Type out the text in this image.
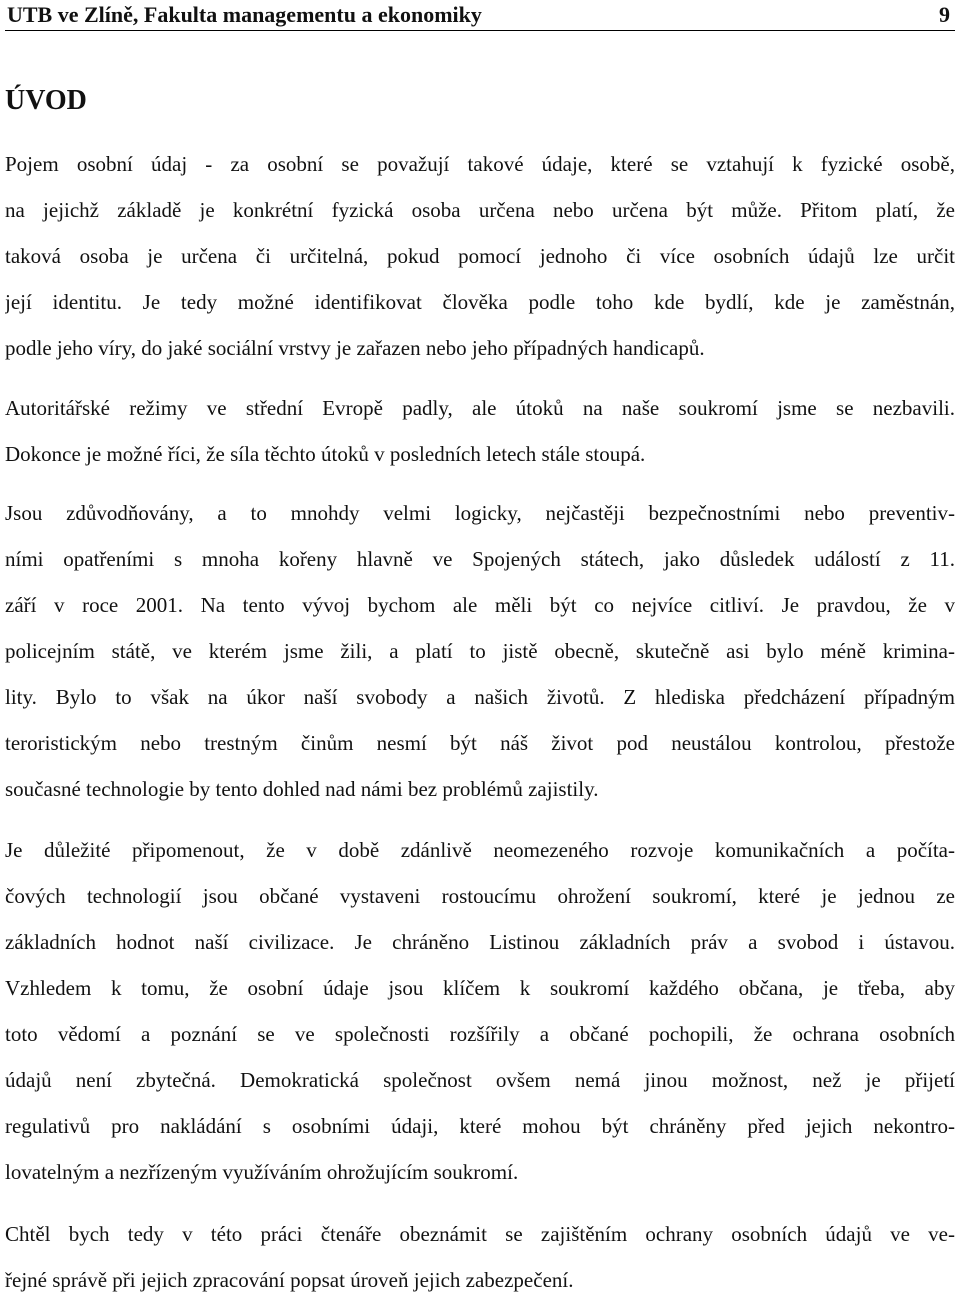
UTB ve Zlíně, Fakulta managementu a ekonomiky	9
ÚVOD
Pojem osobní údaj - za osobní se považují takové údaje, které se vztahují k fyzické osobě,
na jejichž základě je konkrétní fyzická osoba určena nebo určena být může. Přitom platí, že
taková osoba je určena či určitelná, pokud pomocí jednoho či více osobních údajů lze určit
její identitu. Je tedy možné identifikovat člověka podle toho kde bydlí, kde je zaměstnán,
podle jeho víry, do jaké sociální vrstvy je zařazen nebo jeho případných handicapů.
Autoritářské režimy ve střední Evropě padly, ale útoků na naše soukromí jsme se nezbavili.
Dokonce je možné říci, že síla těchto útoků v posledních letech stále stoupá.
Jsou zdůvodňovány, a to mnohdy velmi logicky, nejčastěji bezpečnostními nebo preventiv-
ními opatřeními s mnoha kořeny hlavně ve Spojených státech, jako důsledek událostí z 11.
září v roce 2001. Na tento vývoj bychom ale měli být co nejvíce citliví. Je pravdou, že v
policejním státě, ve kterém jsme žili, a platí to jistě obecně, skutečně asi bylo méně krimina-
lity. Bylo to však na úkor naší svobody a našich životů. Z hlediska předcházení případným
teroristickým nebo trestným činům nesmí být náš život pod neustálou kontrolou, přestože
současné technologie by tento dohled nad námi bez problémů zajistily.
Je důležité připomenout, že v době zdánlivě neomezeného rozvoje komunikačních a počíta-
čových technologií jsou občané vystaveni rostoucímu ohrožení soukromí, které je jednou ze
základních hodnot naší civilizace. Je chráněno Listinou základních práv a svobod i ústavou.
Vzhledem k tomu, že osobní údaje jsou klíčem k soukromí každého občana, je třeba, aby
toto vědomí a poznání se ve společnosti rozšířily a občané pochopili, že ochrana osobních
údajů není zbytečná. Demokratická společnost ovšem nemá jinou možnost, než je přijetí
regulativů pro nakládání s osobními údaji, které mohou být chráněny před jejich nekontro-
lovatelným a nezřízeným využíváním ohrožujícím soukromí.
Chtěl bych tedy v této práci čtenáře obeznámit se zajištěním ochrany osobních údajů ve ve-
řejné správě při jejich zpracování popsat úroveň jejich zabezpečení.
